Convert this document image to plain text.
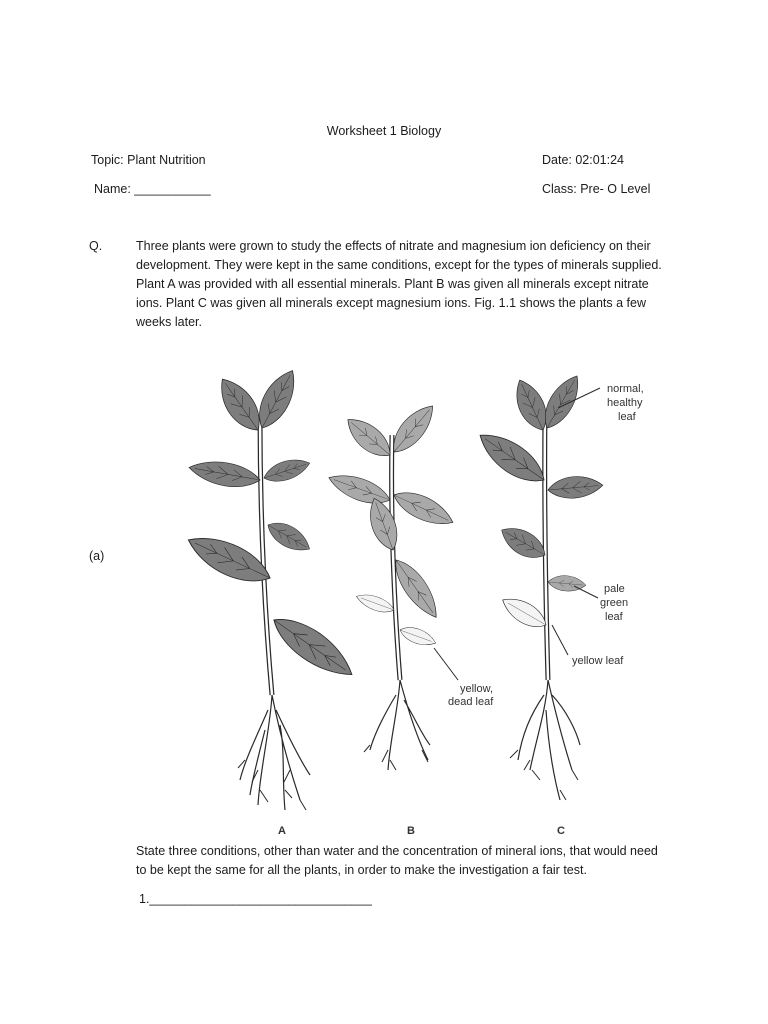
Worksheet 1 Biology
Topic: Plant Nutrition	Date: 02:01:24
Name: ___________	Class: Pre- O Level
Q.	Three plants were grown to study the effects of nitrate and magnesium ion deficiency on their
development. They were kept in the same conditions, except for the types of minerals supplied.
Plant A was provided with all essential minerals. Plant B was given all minerals except nitrate
ions. Plant C was given all minerals except magnesium ions. Fig. 1.1 shows the plants a few
weeks later.
(a)
A
yellow,
dead leaf
B
normal,
healthy
leaf
pale
green
leaf
yellow leaf
C
State three conditions, other than water and the concentration of mineral ions, that would need
to be kept the same for all the plants, in order to make the investigation a fair test.
1.________________________________
